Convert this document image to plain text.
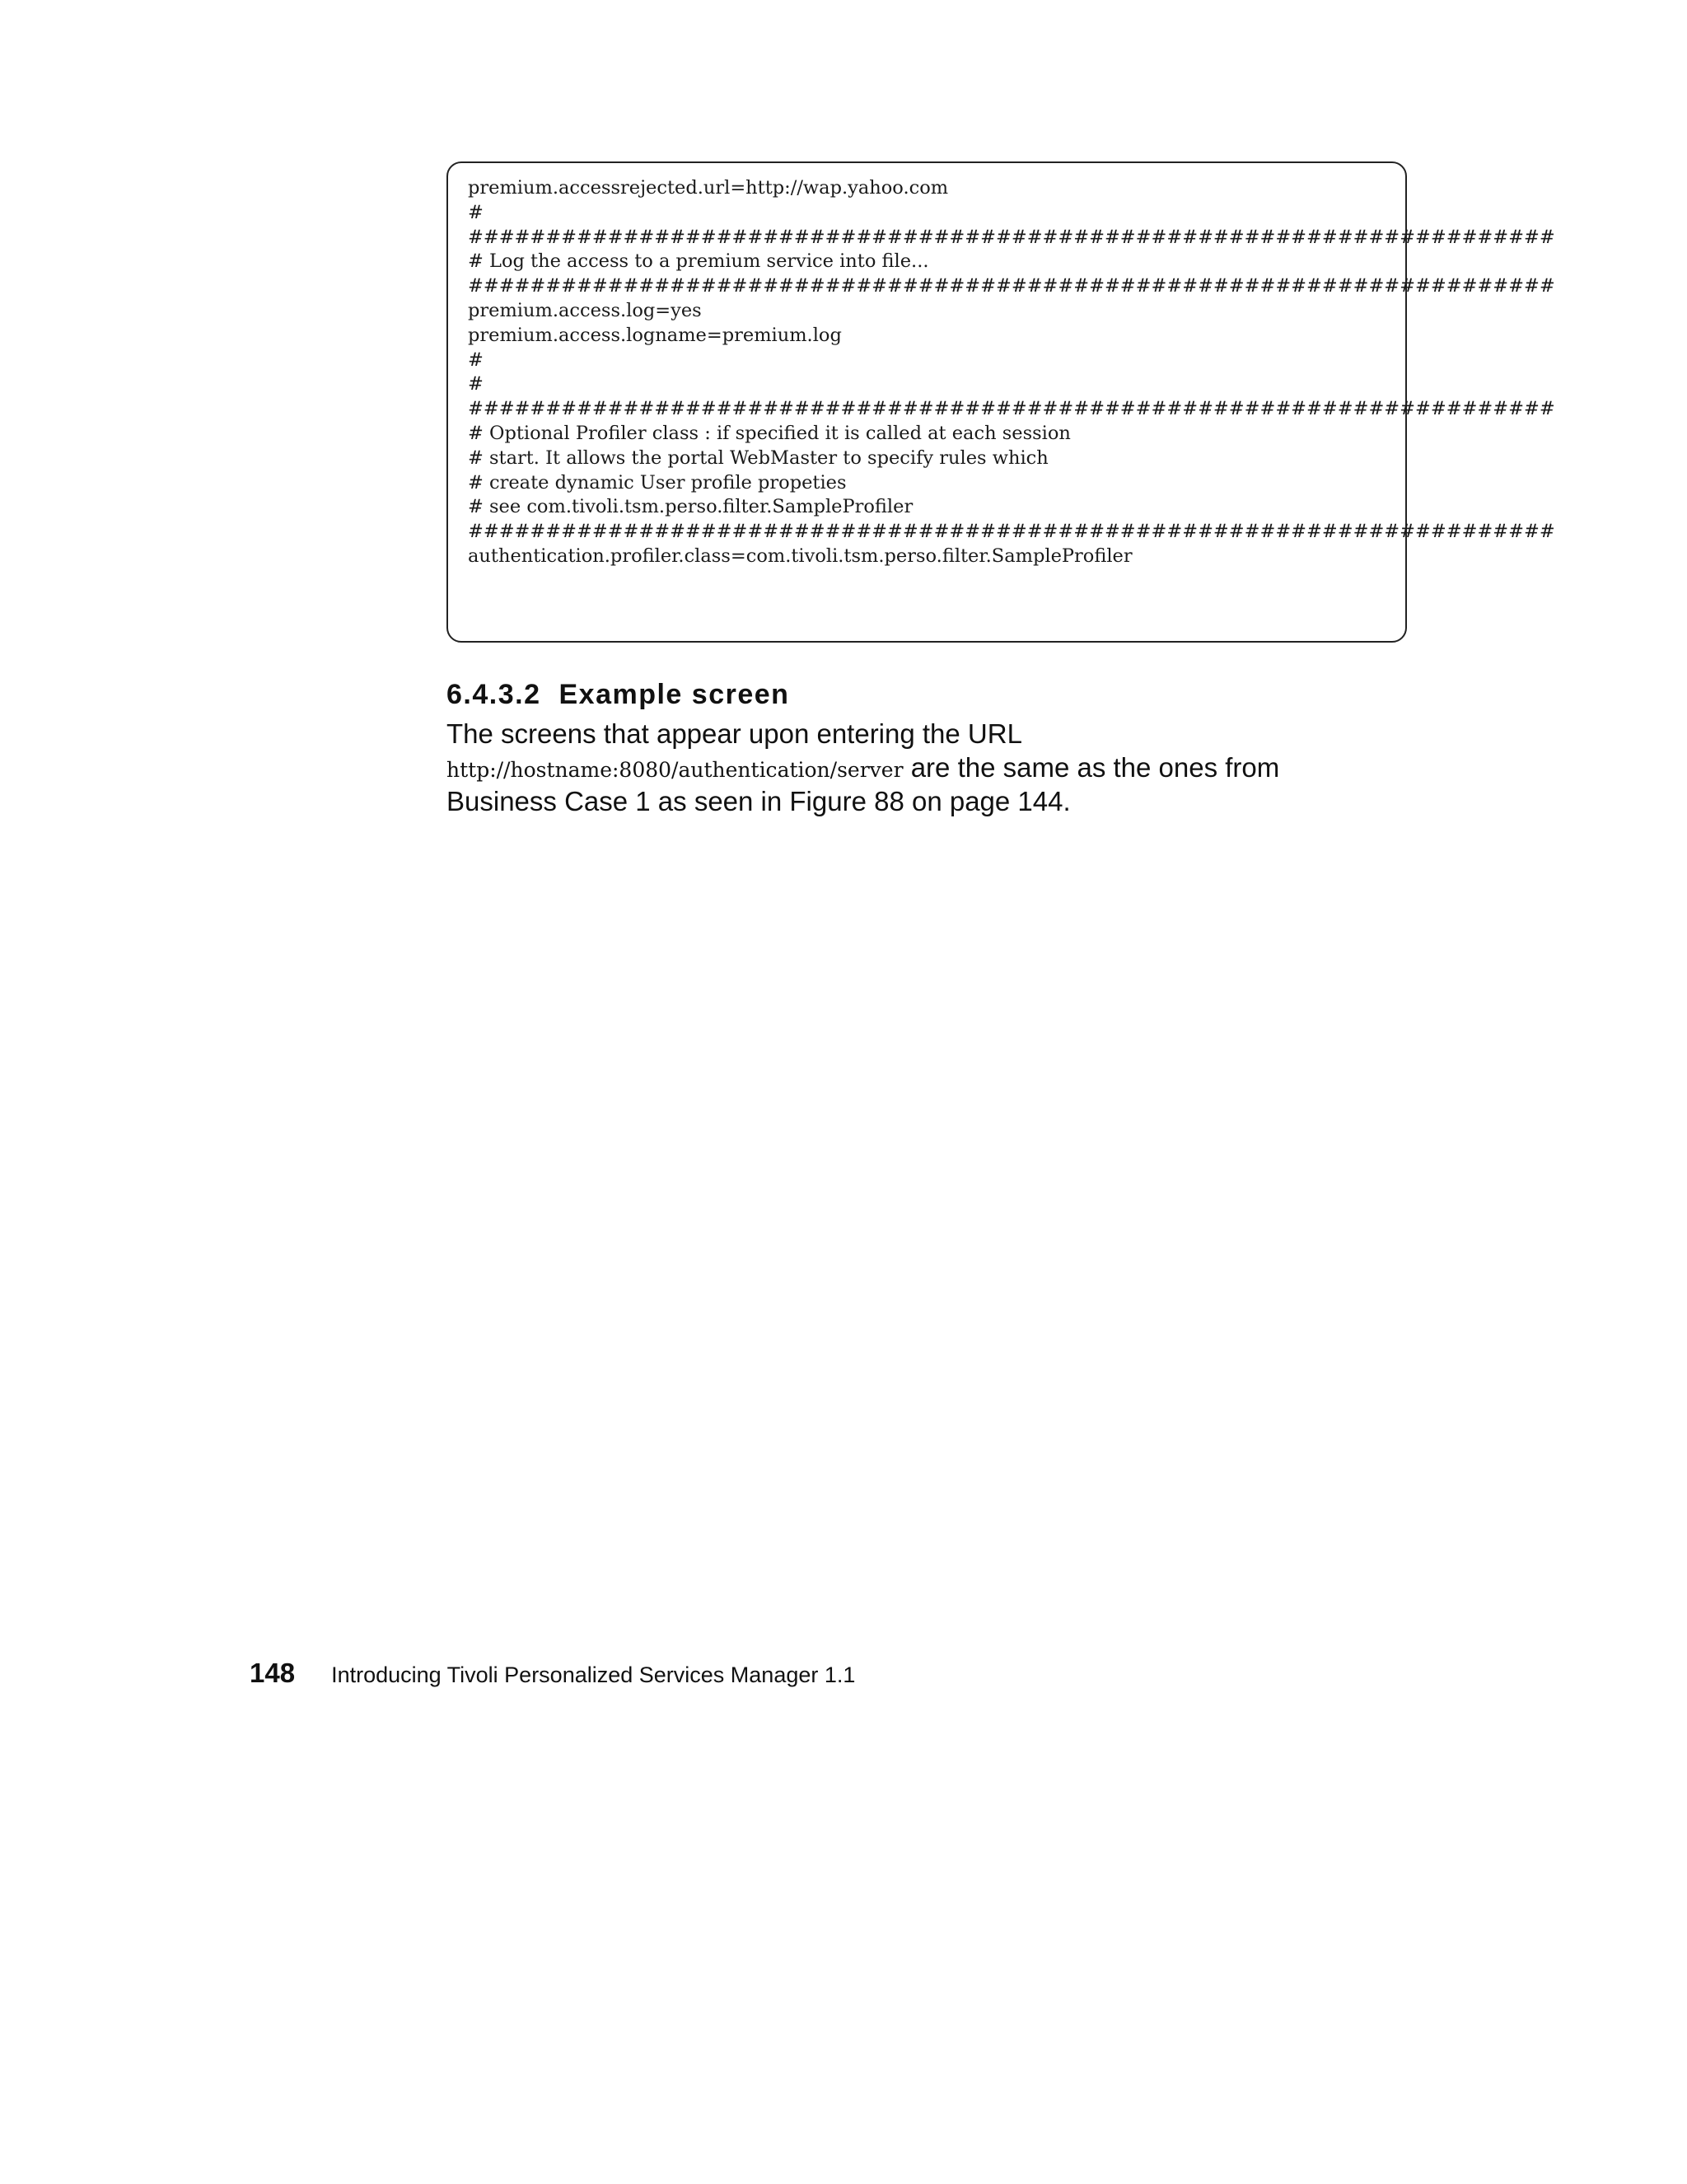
premium.accessrejected.url=http://wap.yahoo.com
#
######################################################################
# Log the access to a premium service into file...
######################################################################
premium.access.log=yes
premium.access.logname=premium.log
#
#
######################################################################
# Optional Profiler class : if specified it is called at each session
# start. It allows the portal WebMaster to specify rules which
# create dynamic User profile propeties
# see com.tivoli.tsm.perso.filter.SampleProfiler
######################################################################
authentication.profiler.class=com.tivoli.tsm.perso.filter.SampleProfiler
6.4.3.2 Example screen
The screens that appear upon entering the URL
http://hostname:8080/authentication/server are the same as the ones from
Business Case 1 as seen in Figure 88 on page 144.
148 Introducing Tivoli Personalized Services Manager 1.1
